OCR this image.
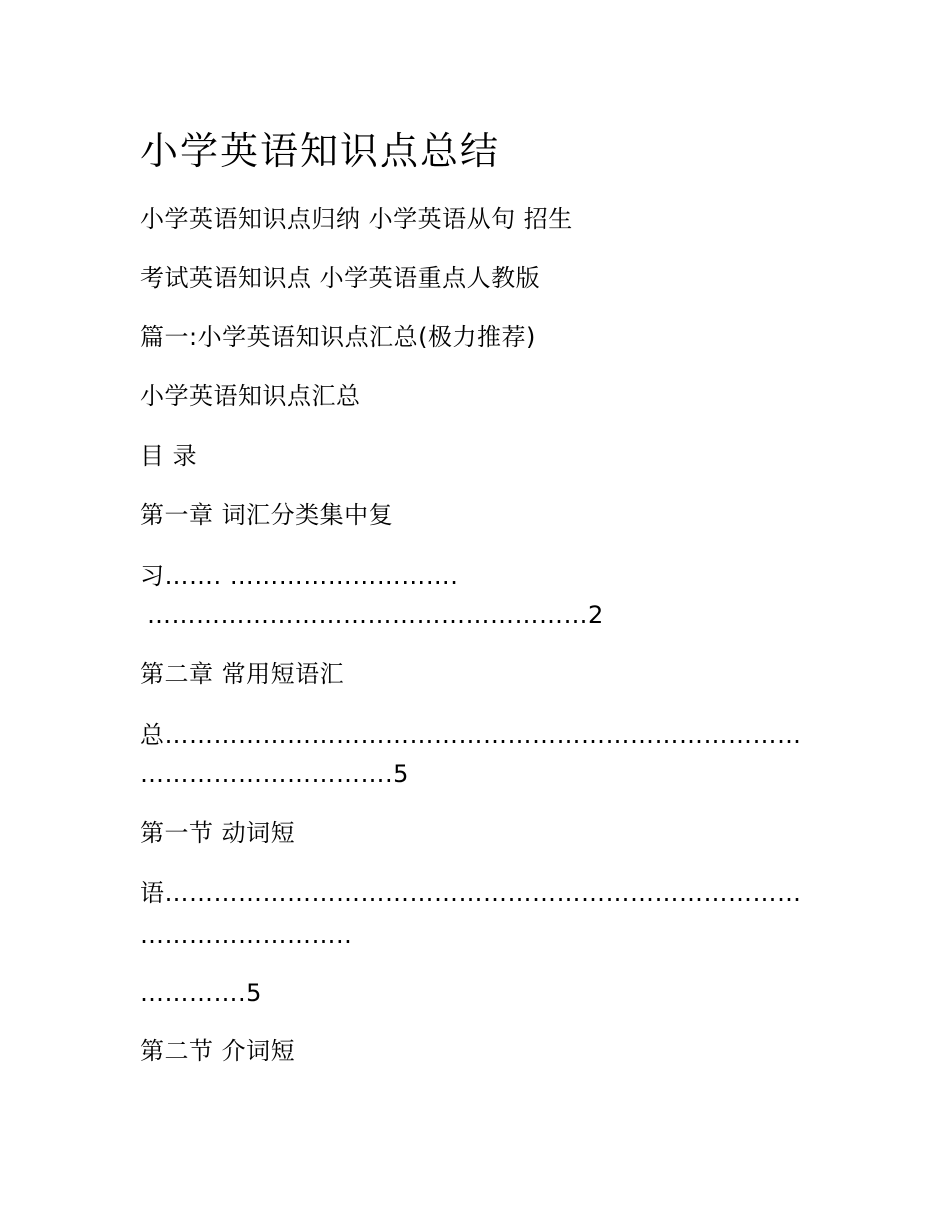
小学英语知识点总结
小学英语知识点归纳 小学英语从句 招生
考试英语知识点 小学英语重点人教版
篇一:小学英语知识点汇总(极力推荐)
小学英语知识点汇总
目 录
第一章 词汇分类集中复
习……. ……………………….
………………………………………………2
第二章 常用短语汇
总……………………………………………………………………
………………………….5
第一节 动词短
语……………………………………………………………………
……………………..
………….5
第二节 介词短
